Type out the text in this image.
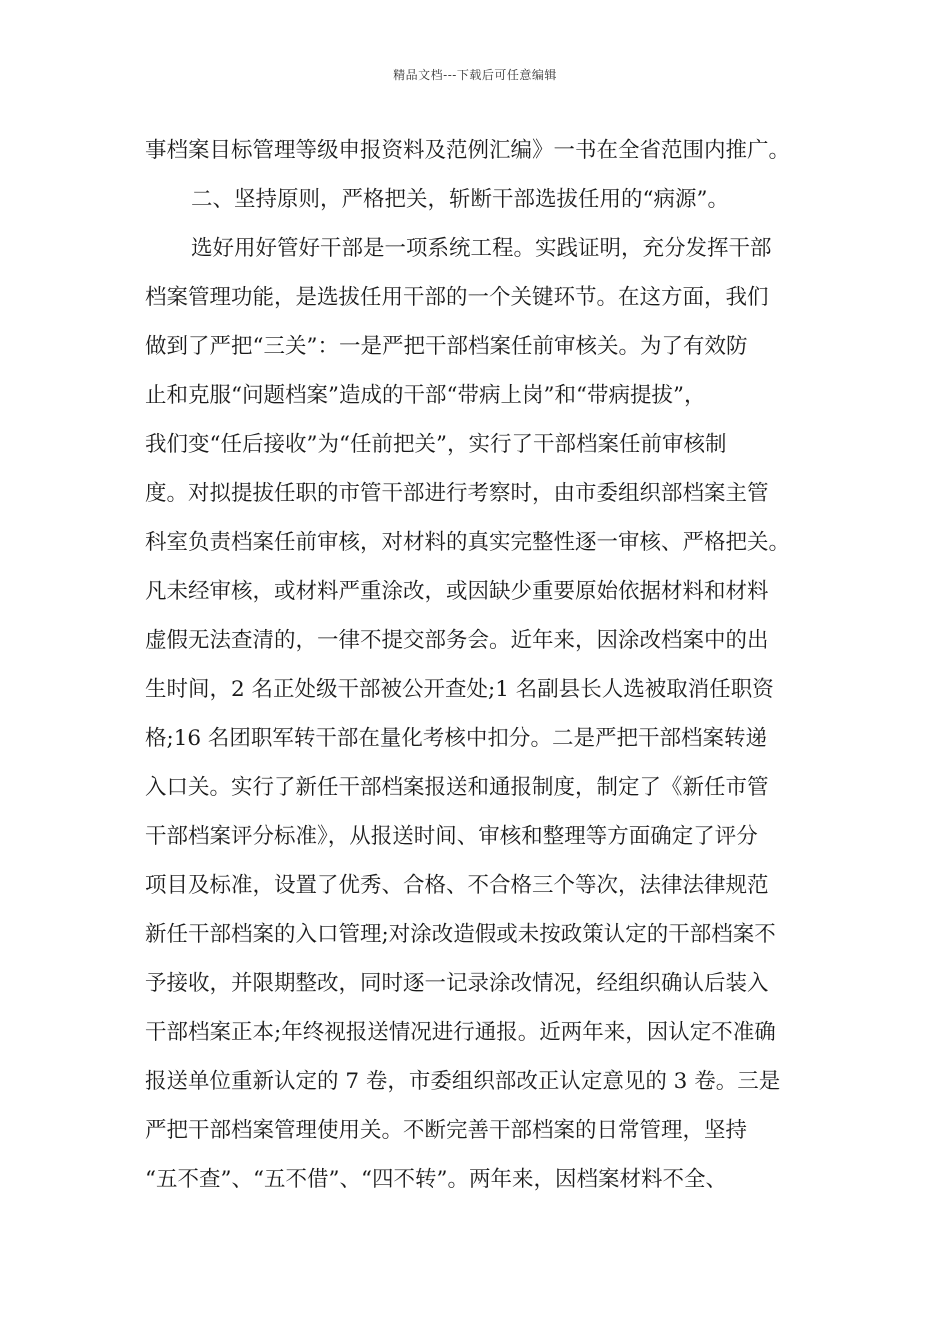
精品文档---下载后可任意编辑
事档案目标管理等级申报资料及范例汇编》一书在全省范围内推广。
二、坚持原则，严格把关，斩断干部选拔任用的“病源”。
选好用好管好干部是一项系统工程。实践证明，充分发挥干部
档案管理功能，是选拔任用干部的一个关键环节。在这方面，我们
做到了严把“三关”：一是严把干部档案任前审核关。为了有效防
止和克服“问题档案”造成的干部“带病上岗”和“带病提拔”，
我们变“任后接收”为“任前把关”，实行了干部档案任前审核制
度。对拟提拔任职的市管干部进行考察时，由市委组织部档案主管
科室负责档案任前审核，对材料的真实完整性逐一审核、严格把关。
凡未经审核，或材料严重涂改，或因缺少重要原始依据材料和材料
虚假无法查清的，一律不提交部务会。近年来，因涂改档案中的出
生时间，2 名正处级干部被公开查处;1 名副县长人选被取消任职资
格;16 名团职军转干部在量化考核中扣分。二是严把干部档案转递
入口关。实行了新任干部档案报送和通报制度，制定了《新任市管
干部档案评分标准》，从报送时间、审核和整理等方面确定了评分
项目及标准，设置了优秀、合格、不合格三个等次，法律法律规范
新任干部档案的入口管理;对涂改造假或未按政策认定的干部档案不
予接收，并限期整改，同时逐一记录涂改情况，经组织确认后装入
干部档案正本;年终视报送情况进行通报。近两年来，因认定不准确
报送单位重新认定的 7 卷，市委组织部改正认定意见的 3 卷。三是
严把干部档案管理使用关。不断完善干部档案的日常管理，坚持
“五不查”、“五不借”、“四不转”。两年来，因档案材料不全、
